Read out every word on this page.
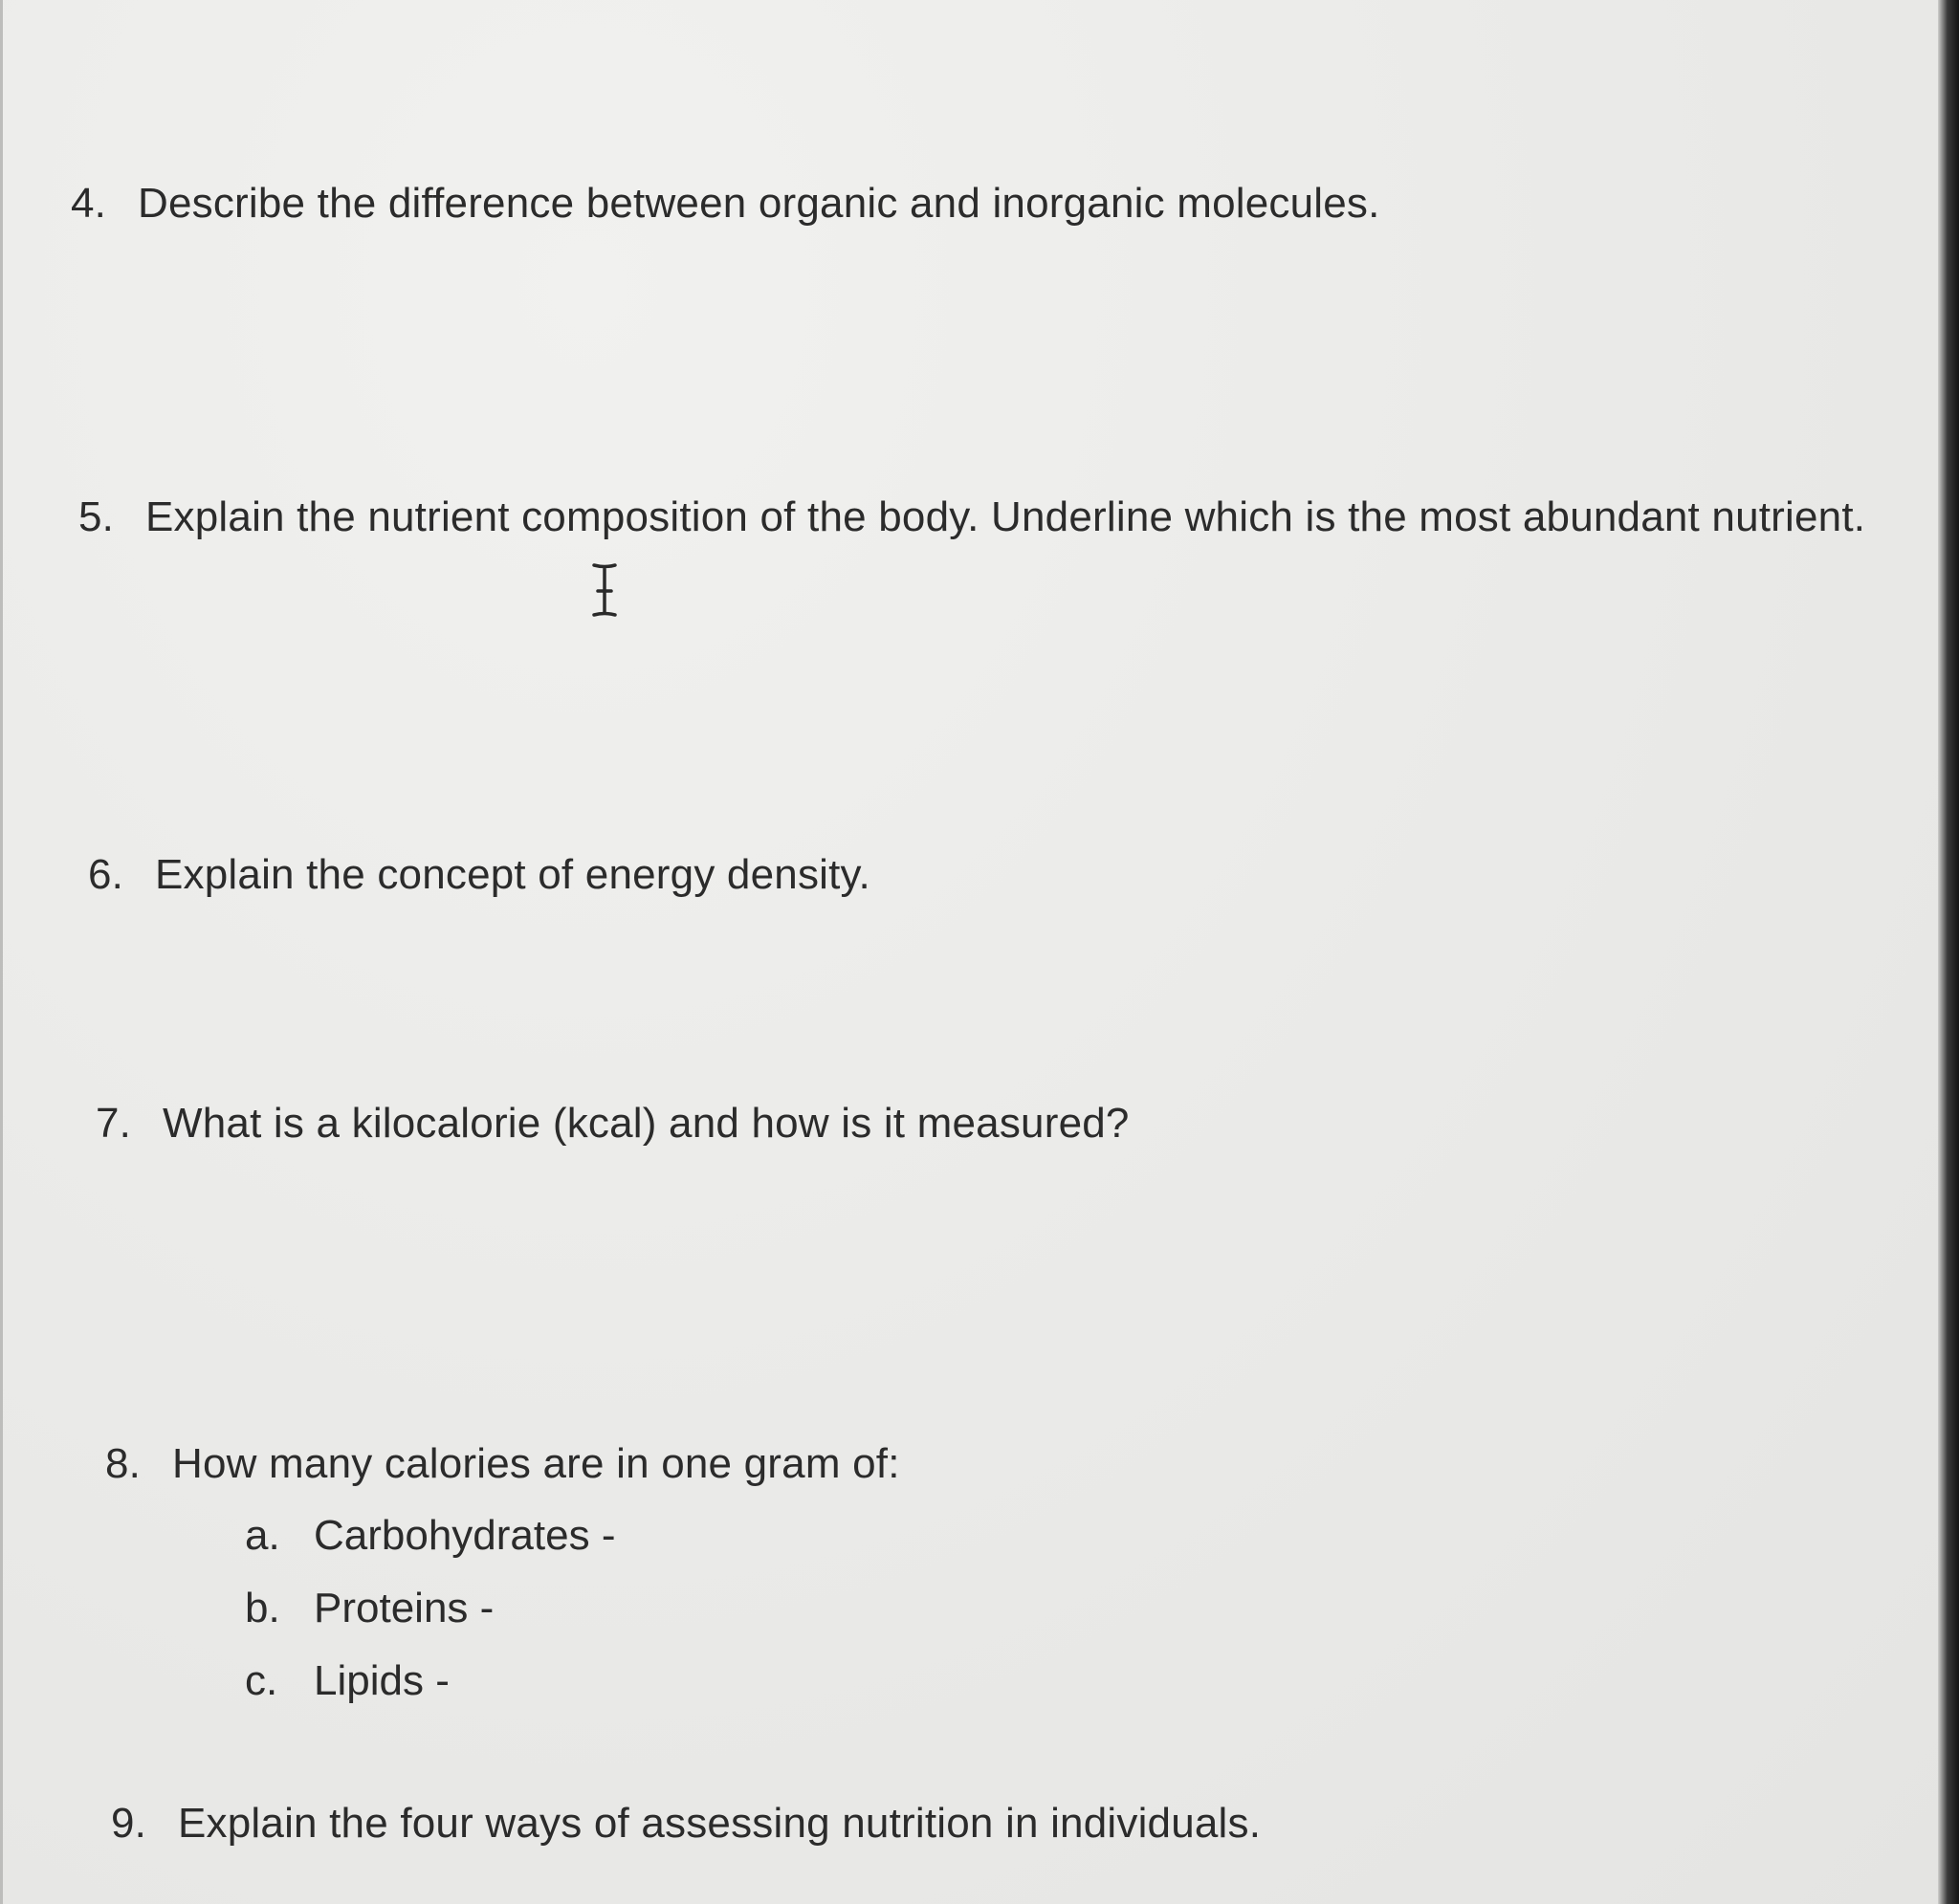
4. Describe the difference between organic and inorganic molecules.
5. Explain the nutrient composition of the body. Underline which is the most abundant nutrient.
6. Explain the concept of energy density.
7. What is a kilocalorie (kcal) and how is it measured?
8. How many calories are in one gram of:
a. Carbohydrates -
b. Proteins -
c. Lipids -
9. Explain the four ways of assessing nutrition in individuals.
